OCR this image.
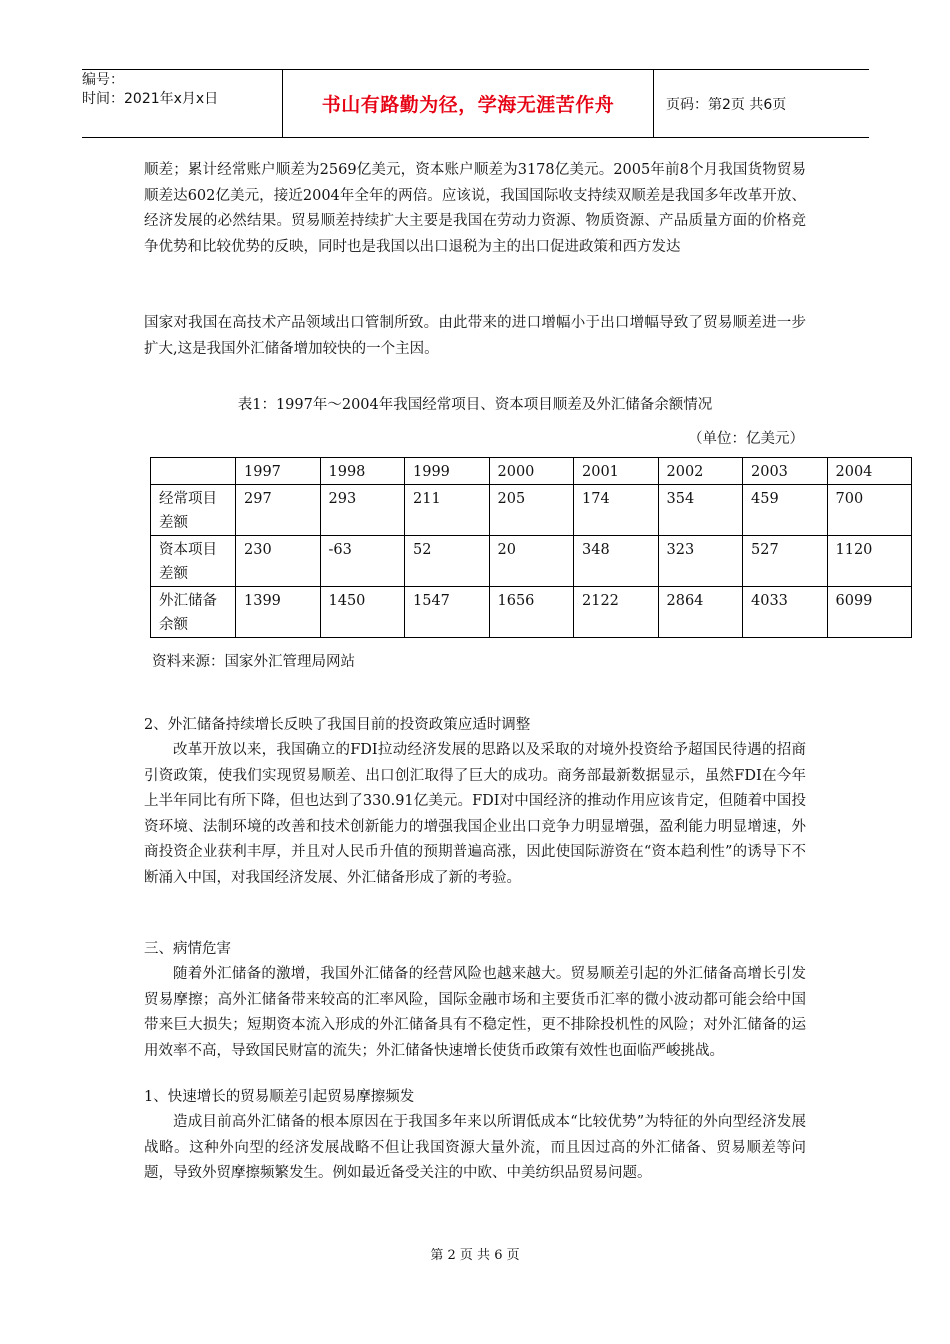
编号：
时间：2021年x月x日	书山有路勤为径，学海无涯苦作舟	页码：第2页 共6页

顺差；累计经常账户顺差为2569亿美元，资本账户顺差为3178亿美元。2005年前8个月我国货物贸易顺差达602亿美元，接近2004年全年的两倍。应该说，我国国际收支持续双顺差是我国多年改革开放、经济发展的必然结果。贸易顺差持续扩大主要是我国在劳动力资源、物质资源、产品质量方面的价格竞争优势和比较优势的反映，同时也是我国以出口退税为主的出口促进政策和西方发达

国家对我国在高技术产品领域出口管制所致。由此带来的进口增幅小于出口增幅导致了贸易顺差进一步扩大,这是我国外汇储备增加较快的一个主因。

表1：1997年～2004年我国经常项目、资本项目顺差及外汇储备余额情况
（单位：亿美元）
	1997	1998	1999	2000	2001	2002	2003	2004
经常项目差额	297	293	211	205	174	354	459	700
资本项目差额	230	-63	52	20	348	323	527	1120
外汇储备余额	1399	1450	1547	1656	2122	2864	4033	6099
资料来源：国家外汇管理局网站

2、外汇储备持续增长反映了我国目前的投资政策应适时调整

改革开放以来，我国确立的FDI拉动经济发展的思路以及采取的对境外投资给予超国民待遇的招商引资政策，使我们实现贸易顺差、出口创汇取得了巨大的成功。商务部最新数据显示，虽然FDI在今年上半年同比有所下降，但也达到了330.91亿美元。FDI对中国经济的推动作用应该肯定，但随着中国投资环境、法制环境的改善和技术创新能力的增强我国企业出口竞争力明显增强，盈利能力明显增速，外商投资企业获利丰厚，并且对人民币升值的预期普遍高涨，因此使国际游资在“资本趋利性”的诱导下不断涌入中国，对我国经济发展、外汇储备形成了新的考验。

三、病情危害

随着外汇储备的激增，我国外汇储备的经营风险也越来越大。贸易顺差引起的外汇储备高增长引发贸易摩擦；高外汇储备带来较高的汇率风险，国际金融市场和主要货币汇率的微小波动都可能会给中国带来巨大损失；短期资本流入形成的外汇储备具有不稳定性，更不排除投机性的风险；对外汇储备的运用效率不高，导致国民财富的流失；外汇储备快速增长使货币政策有效性也面临严峻挑战。

1、快速增长的贸易顺差引起贸易摩擦频发

造成目前高外汇储备的根本原因在于我国多年来以所谓低成本“比较优势”为特征的外向型经济发展战略。这种外向型的经济发展战略不但让我国资源大量外流，而且因过高的外汇储备、贸易顺差等问题，导致外贸摩擦频繁发生。例如最近备受关注的中欧、中美纺织品贸易问题。

第 2 页 共 6 页
